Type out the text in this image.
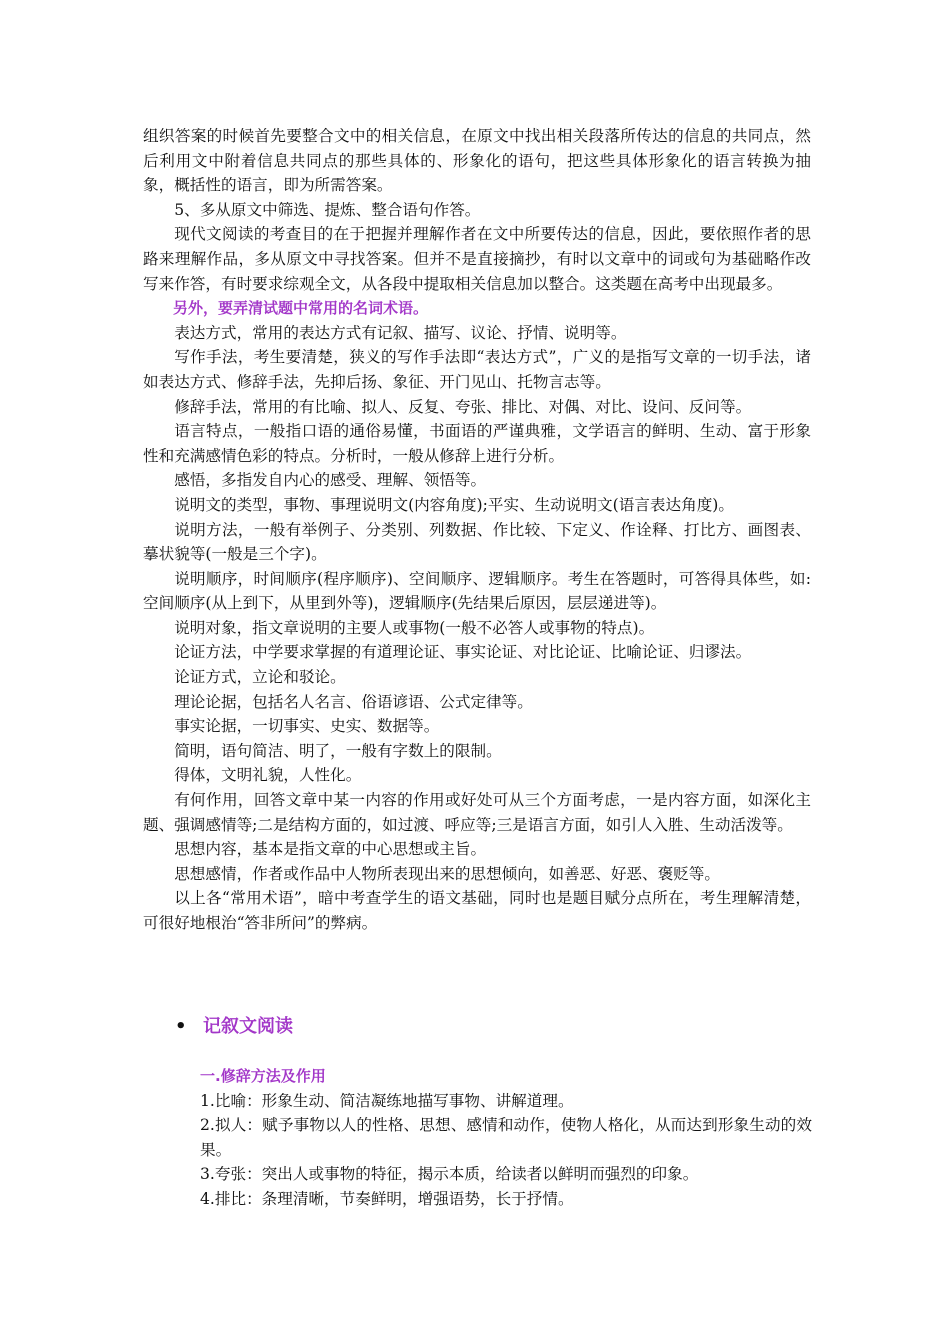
组织答案的时候首先要整合文中的相关信息，在原文中找出相关段落所传达的信息的共同点，然后利用文中附着信息共同点的那些具体的、形象化的语句，把这些具体形象化的语言转换为抽象，概括性的语言，即为所需答案。

5、多从原文中筛选、提炼、整合语句作答。

现代文阅读的考查目的在于把握并理解作者在文中所要传达的信息，因此，要依照作者的思路来理解作品，多从原文中寻找答案。但并不是直接摘抄，有时以文章中的词或句为基础略作改写来作答，有时要求综观全文，从各段中提取相关信息加以整合。这类题在高考中出现最多。

另外，要弄清试题中常用的名词术语。

表达方式，常用的表达方式有记叙、描写、议论、抒情、说明等。

写作手法，考生要清楚，狭义的写作手法即“表达方式”，广义的是指写文章的一切手法，诸如表达方式、修辞手法，先抑后扬、象征、开门见山、托物言志等。

修辞手法，常用的有比喻、拟人、反复、夸张、排比、对偶、对比、设问、反问等。

语言特点，一般指口语的通俗易懂，书面语的严谨典雅，文学语言的鲜明、生动、富于形象性和充满感情色彩的特点。分析时，一般从修辞上进行分析。

感悟，多指发自内心的感受、理解、领悟等。

说明文的类型，事物、事理说明文(内容角度);平实、生动说明文(语言表达角度)。

说明方法，一般有举例子、分类别、列数据、作比较、下定义、作诠释、打比方、画图表、摹状貌等(一般是三个字)。

说明顺序，时间顺序(程序顺序)、空间顺序、逻辑顺序。考生在答题时，可答得具体些，如:空间顺序(从上到下，从里到外等)，逻辑顺序(先结果后原因，层层递进等)。

说明对象，指文章说明的主要人或事物(一般不必答人或事物的特点)。

论证方法，中学要求掌握的有道理论证、事实论证、对比论证、比喻论证、归谬法。

论证方式，立论和驳论。

理论论据，包括名人名言、俗语谚语、公式定律等。

事实论据，一切事实、史实、数据等。

简明，语句简洁、明了，一般有字数上的限制。

得体，文明礼貌，人性化。

有何作用，回答文章中某一内容的作用或好处可从三个方面考虑，一是内容方面，如深化主题、强调感情等;二是结构方面的，如过渡、呼应等;三是语言方面，如引人入胜、生动活泼等。

思想内容，基本是指文章的中心思想或主旨。

思想感情，作者或作品中人物所表现出来的思想倾向，如善恶、好恶、褒贬等。

以上各“常用术语”，暗中考查学生的语文基础，同时也是题目赋分点所在，考生理解清楚，可很好地根治“答非所问”的弊病。

• 记叙文阅读

一.修辞方法及作用

1.比喻：形象生动、简洁凝练地描写事物、讲解道理。

2.拟人：赋予事物以人的性格、思想、感情和动作，使物人格化，从而达到形象生动的效果。

3.夸张：突出人或事物的特征，揭示本质，给读者以鲜明而强烈的印象。

4.排比：条理清晰，节奏鲜明，增强语势，长于抒情。
